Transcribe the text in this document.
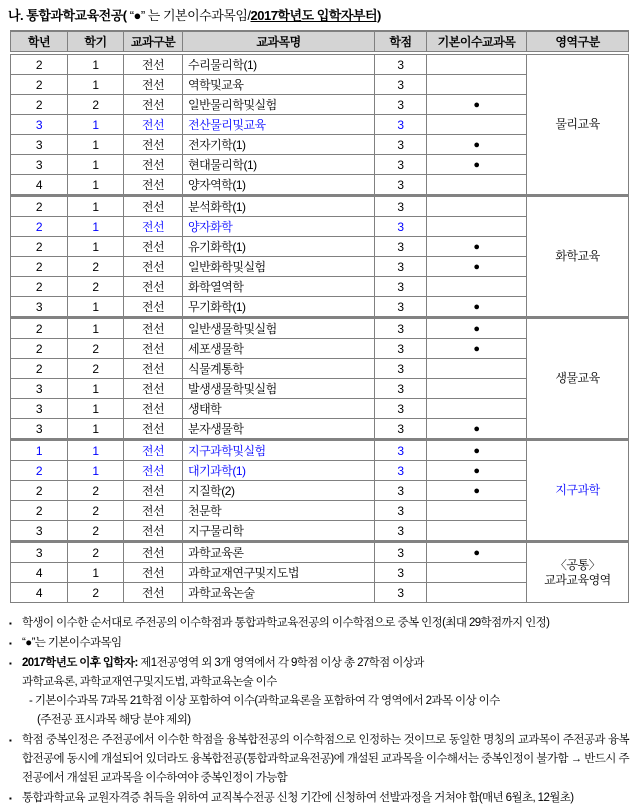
나. 통합과학교육전공( “●” 는 기본이수과목임/2017학년도 입학자부터)
학년	학기	교과구분	교과목명	학점	기본이수교과목	영역구분
2	1	전선	수리물리학(1)	3		물리교육

2	1	전선	역학및교육	3		
2	2	전선	일반물리학및실험	3	●	
3	1	전선	전산물리및교육	3		
3	1	전선	전자기학(1)	3	●	
3	1	전선	현대물리학(1)	3	●	
4	1	전선	양자역학(1)	3		
2	1	전선	분석화학(1)	3		화학교육

2	1	전선	양자화학	3		
2	1	전선	유기화학(1)	3	●	
2	2	전선	일반화학및실험	3	●	
2	2	전선	화학열역학	3		
3	1	전선	무기화학(1)	3	●	
2	1	전선	일반생물학및실험	3	●	생물교육

2	2	전선	세포생물학	3	●	
2	2	전선	식물계통학	3		
3	1	전선	발생생물학및실험	3		
3	1	전선	생태학	3		
3	1	전선	분자생물학	3	●	
1	1	전선	지구과학및실험	3	●	지구과학

2	1	전선	대기과학(1)	3	●	
2	2	전선	지질학(2)	3	●	
2	2	전선	천문학	3		
3	2	전선	지구물리학	3		
3	2	전선	과학교육론	3	●	〈공통〉
교과교육영역

4	1	전선	과학교재연구및지도법	3		
4	2	전선	과학교육논술	3		
▪ 학생이 이수한 순서대로 주전공의 이수학점과 통합과학교육전공의 이수학점으로 중복 인정(최대 29학점까지 인정)
▪ “●”는 기본이수과목임
▪ 2017학년도 이후 입학자: 제1전공영역 외 3개 영역에서 각 9학점 이상 총 27학점 이상과
과학교육론, 과학교재연구및지도법, 과학교육논술 이수
- 기본이수과목 7과목 21학점 이상 포함하여 이수(과학교육론을 포함하여 각 영역에서 2과목 이상 이수
(주전공 표시과목 해당 분야 제외)
▪ 학점 중복인정은 주전공에서 이수한 학점을 융복합전공의 이수학점으로 인정하는 것이므로 동일한 명칭의 교과목이 주전공과 융복합전공에 동시에 개설되어 있더라도 융복합전공(통합과학교육전공)에 개설된 교과목을 이수해서는 중복인정이 불가함 → 반드시 주전공에서 개설된 교과목을 이수하여야 중복인정이 가능함
▪ 통합과학교육 교원자격증 취득을 위하여 교직복수전공 신청 기간에 신청하여 선발과정을 거쳐야 함(매년 6월초, 12월초)
